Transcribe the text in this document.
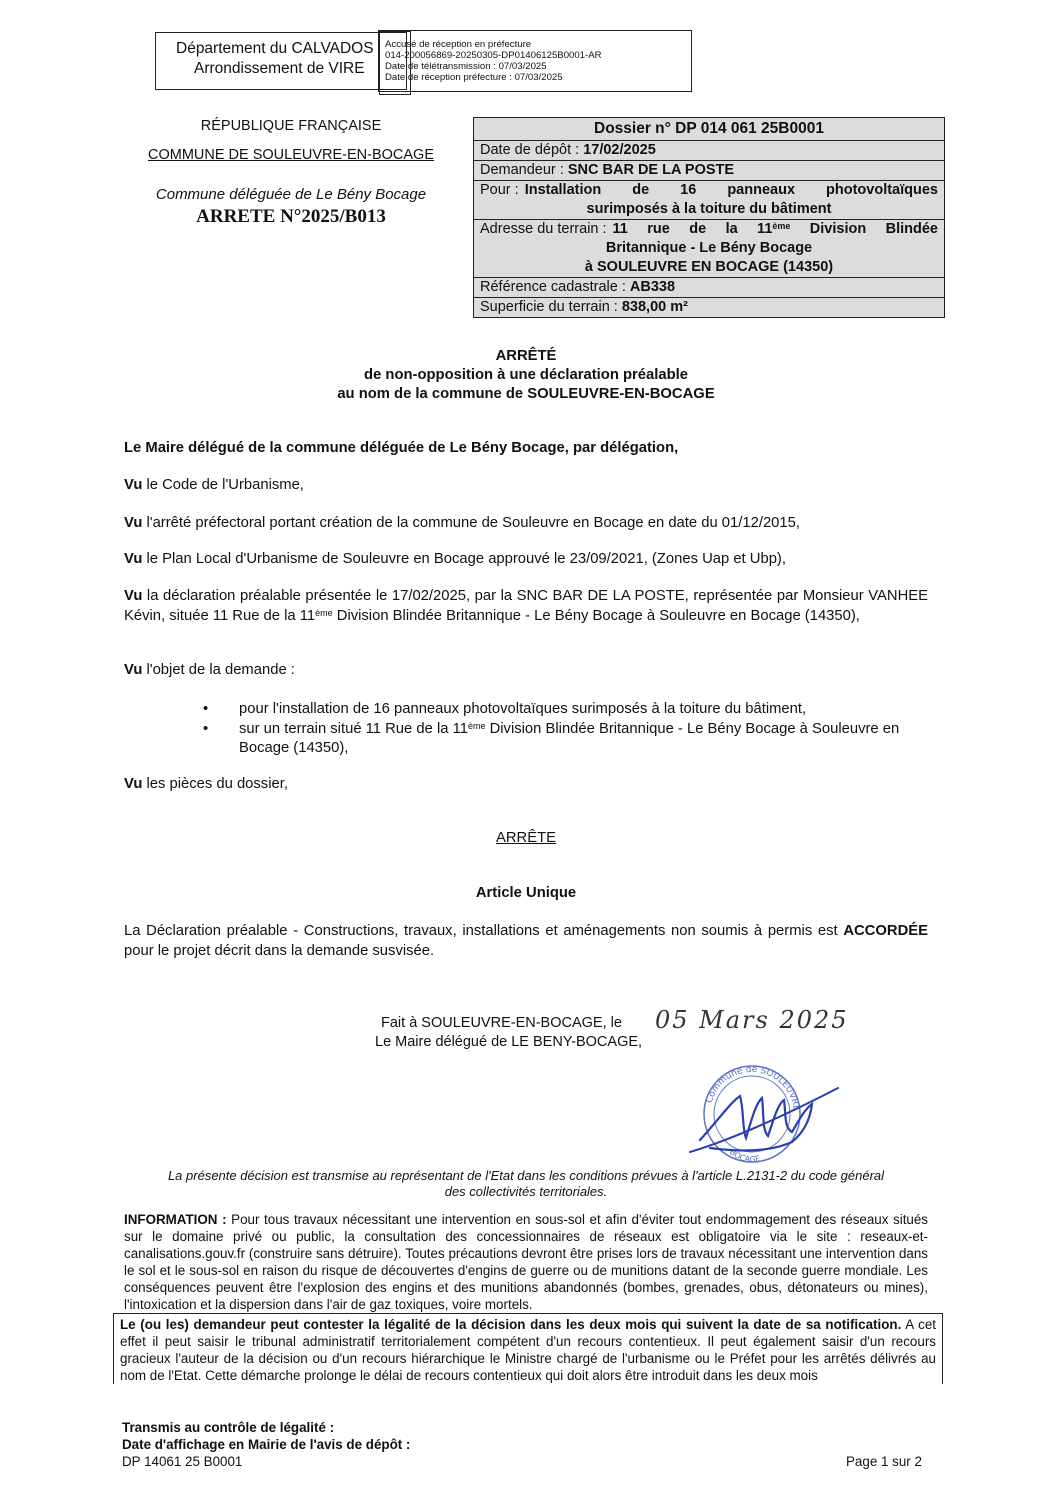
Département du CALVADOS
Arrondissement de VIRE
Accusé de réception en préfecture
014-200056869-20250305-DP01406125B0001-AR
Date de télétransmission : 07/03/2025
Date de réception préfecture : 07/03/2025
RÉPUBLIQUE FRANÇAISE
COMMUNE DE SOULEUVRE-EN-BOCAGE
Commune déléguée de Le Bény Bocage
ARRETE N°2025/B013
Dossier n° DP 014 061 25B0001
Date de dépôt : 17/02/2025
Demandeur : SNC BAR DE LA POSTE
Pour : Installation de 16 panneaux photovoltaïques
surimposés à la toiture du bâtiment
Adresse du terrain : 11 rue de la 11ème Division Blindée
Britannique - Le Bény Bocage
à SOULEUVRE EN BOCAGE (14350)
Référence cadastrale : AB338
Superficie du terrain : 838,00 m²
ARRÊTÉ
de non-opposition à une déclaration préalable
au nom de la commune de SOULEUVRE-EN-BOCAGE
Le Maire délégué de la commune déléguée de Le Bény Bocage, par délégation,
Vu le Code de l'Urbanisme,
Vu l'arrêté préfectoral portant création de la commune de Souleuvre en Bocage en date du 01/12/2015,
Vu le Plan Local d'Urbanisme de Souleuvre en Bocage approuvé le 23/09/2021, (Zones Uap et Ubp),
Vu la déclaration préalable présentée le 17/02/2025, par la SNC BAR DE LA POSTE, représentée par Monsieur VANHEE Kévin, située 11 Rue de la 11ème Division Blindée Britannique - Le Bény Bocage à Souleuvre en Bocage (14350),
Vu l'objet de la demande :
• pour l'installation de 16 panneaux photovoltaïques surimposés à la toiture du bâtiment,
• sur un terrain situé 11 Rue de la 11ème Division Blindée Britannique - Le Bény Bocage à Souleuvre en Bocage (14350),
Vu les pièces du dossier,
ARRÊTE
Article Unique
La Déclaration préalable - Constructions, travaux, installations et aménagements non soumis à permis est ACCORDÉE pour le projet décrit dans la demande susvisée.
Fait à SOULEUVRE-EN-BOCAGE, le 05 Mars 2025
Le Maire délégué de LE BENY-BOCAGE,
Commune de SOULEUVRE
BOCAGE
La présente décision est transmise au représentant de l'Etat dans les conditions prévues à l'article L.2131-2 du code général
des collectivités territoriales.
INFORMATION : Pour tous travaux nécessitant une intervention en sous-sol et afin d'éviter tout endommagement des réseaux situés sur le domaine privé ou public, la consultation des concessionnaires de réseaux est obligatoire via le site : reseaux-et-canalisations.gouv.fr (construire sans détruire). Toutes précautions devront être prises lors de travaux nécessitant une intervention dans le sol et le sous-sol en raison du risque de découvertes d'engins de guerre ou de munitions datant de la seconde guerre mondiale. Les conséquences peuvent être l'explosion des engins et des munitions abandonnés (bombes, grenades, obus, détonateurs ou mines), l'intoxication et la dispersion dans l'air de gaz toxiques, voire mortels.
Le (ou les) demandeur peut contester la légalité de la décision dans les deux mois qui suivent la date de sa notification. A cet effet il peut saisir le tribunal administratif territorialement compétent d'un recours contentieux. Il peut également saisir d'un recours gracieux l'auteur de la décision ou d'un recours hiérarchique le Ministre chargé de l'urbanisme ou le Préfet pour les arrêtés délivrés au nom de l'Etat. Cette démarche prolonge le délai de recours contentieux qui doit alors être introduit dans les deux mois
Transmis au contrôle de légalité :
Date d'affichage en Mairie de l'avis de dépôt :
DP 14061 25 B0001	Page 1 sur 2
